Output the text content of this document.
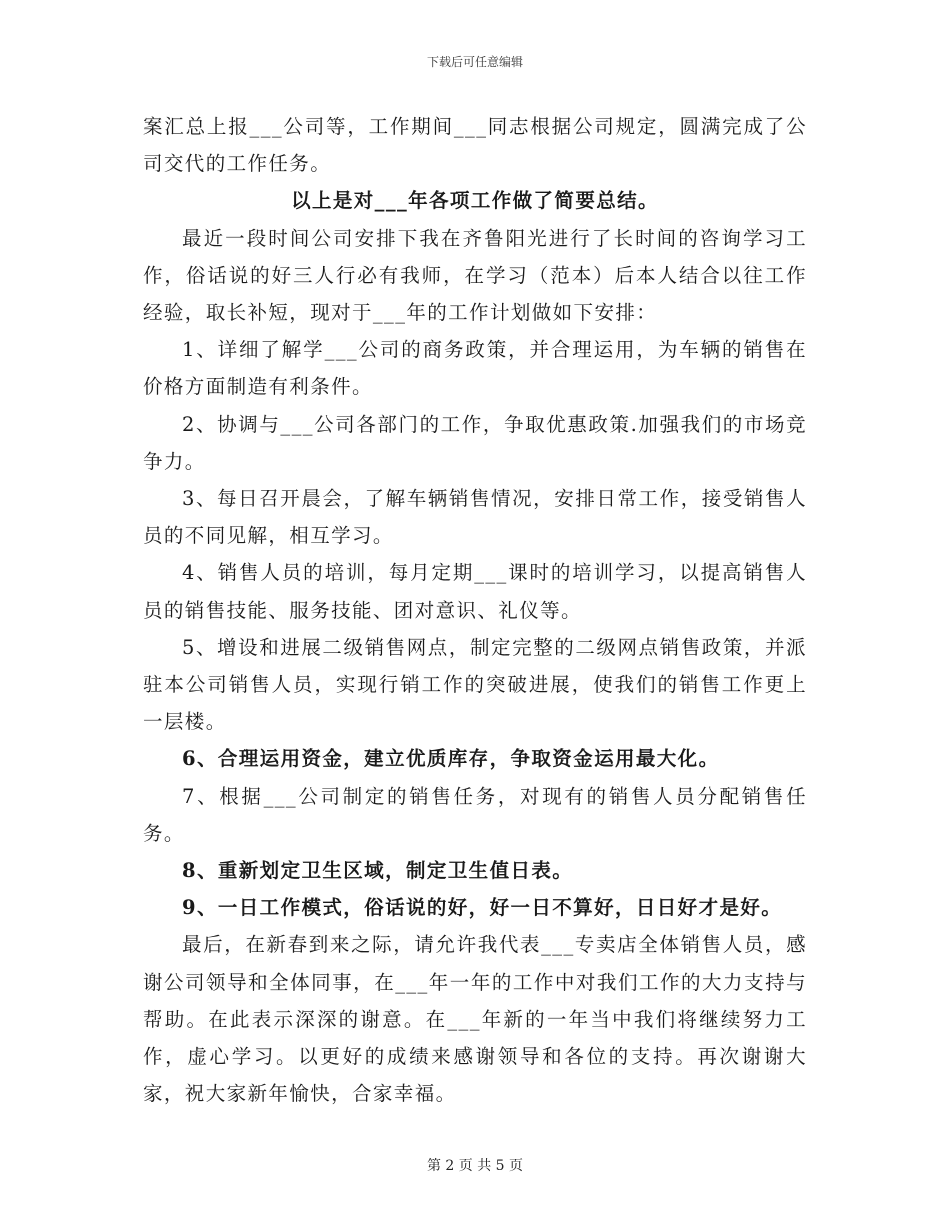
下载后可任意编辑

案汇总上报___公司等，工作期间___同志根据公司规定，圆满完成了公司交代的工作任务。

以上是对___年各项工作做了简要总结。

最近一段时间公司安排下我在齐鲁阳光进行了长时间的咨询学习工作，俗话说的好三人行必有我师，在学习（范本）后本人结合以往工作经验，取长补短，现对于___年的工作计划做如下安排：

1、详细了解学___公司的商务政策，并合理运用，为车辆的销售在价格方面制造有利条件。

2、协调与___公司各部门的工作，争取优惠政策.加强我们的市场竞争力。

3、每日召开晨会，了解车辆销售情况，安排日常工作，接受销售人员的不同见解，相互学习。

4、销售人员的培训，每月定期___课时的培训学习，以提高销售人员的销售技能、服务技能、团对意识、礼仪等。

5、增设和进展二级销售网点，制定完整的二级网点销售政策，并派驻本公司销售人员，实现行销工作的突破进展，使我们的销售工作更上一层楼。

6、合理运用资金，建立优质库存，争取资金运用最大化。

7、根据___公司制定的销售任务，对现有的销售人员分配销售任务。

8、重新划定卫生区域，制定卫生值日表。

9、一日工作模式，俗话说的好，好一日不算好，日日好才是好。

最后，在新春到来之际，请允许我代表___专卖店全体销售人员，感谢公司领导和全体同事，在___年一年的工作中对我们工作的大力支持与帮助。在此表示深深的谢意。在___年新的一年当中我们将继续努力工作，虚心学习。以更好的成绩来感谢领导和各位的支持。再次谢谢大家，祝大家新年愉快，合家幸福。

第 2 页 共 5 页
